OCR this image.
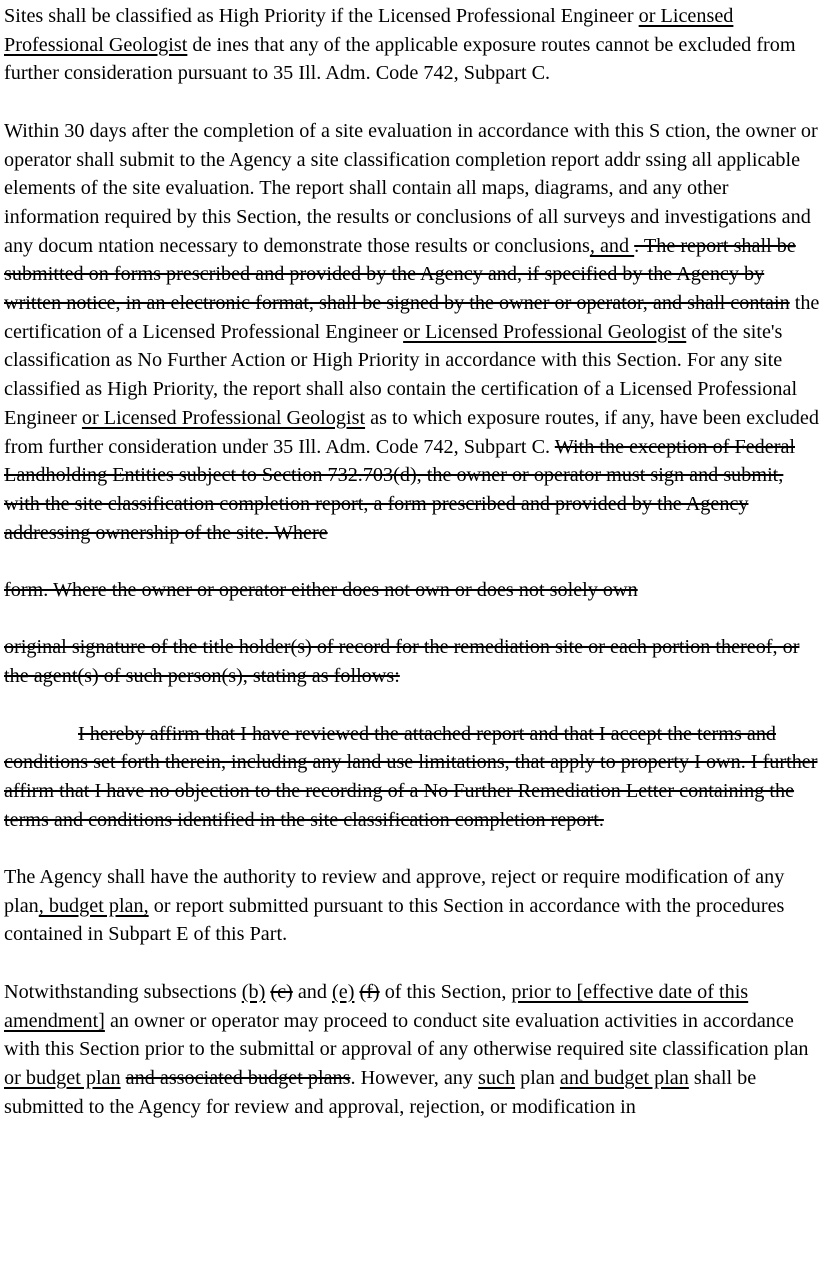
Sites shall be classified as High Priority if the Licensed Professional Engineer or Licensed Professional Geologist de ines that any of the applicable exposure routes cannot be excluded from further consideration pursuant to 35 Ill. Adm. Code 742, Subpart C.

Within 30 days after the completion of a site evaluation in accordance with this S ction, the owner or operator shall submit to the Agency a site classification completion report addr ssing all applicable elements of the site evaluation. The report shall contain all maps, diagrams, and any other information required by this Section, the results or conclusions of all surveys and investigations and any docum ntation necessary to demonstrate those results or conclusions, and . The report shall be submitted on forms prescribed and provided by the Agency and, if specified by the Agency by written notice, in an electronic format, shall be signed by the owner or operator, and shall contain the certification of a Licensed Professional Engineer or Licensed Professional Geologist of the site's classification as No Further Action or High Priority in accordance with this Section. For any site classified as High Priority, the report shall also contain the certification of a Licensed Professional Engineer or Licensed Professional Geologist as to which exposure routes, if any, have been excluded from further consideration under 35 Ill. Adm. Code 742, Subpart C. With the exception of Federal Landholding Entities subject to Section 732.703(d), the owner or operator must sign and submit, with the site classification completion report, a form prescribed and provided by the Agency addressing ownership of the site. Where

form. Where the owner or operator either does not own or does not solely own

original signature of the title holder(s) of record for the remediation site or each portion thereof, or the agent(s) of such person(s), stating as follows:

I hereby affirm that I have reviewed the attached report and that I accept the terms and conditions set forth therein, including any land use limitations, that apply to property I own. I further affirm that I have no objection to the recording of a No Further Remediation Letter containing the terms and conditions identified in the site classification completion report.

The Agency shall have the authority to review and approve, reject or require modification of any plan, budget plan, or report submitted pursuant to this Section in accordance with the procedures contained in Subpart E of this Part.

Notwithstanding subsections (b) (c) and (e) (f) of this Section, prior to [effective date of this amendment] an owner or operator may proceed to conduct site evaluation activities in accordance with this Section prior to the submittal or approval of any otherwise required site classification plan or budget plan and associated budget plans. However, any such plan and budget plan shall be submitted to the Agency for review and approval, rejection, or modification in
